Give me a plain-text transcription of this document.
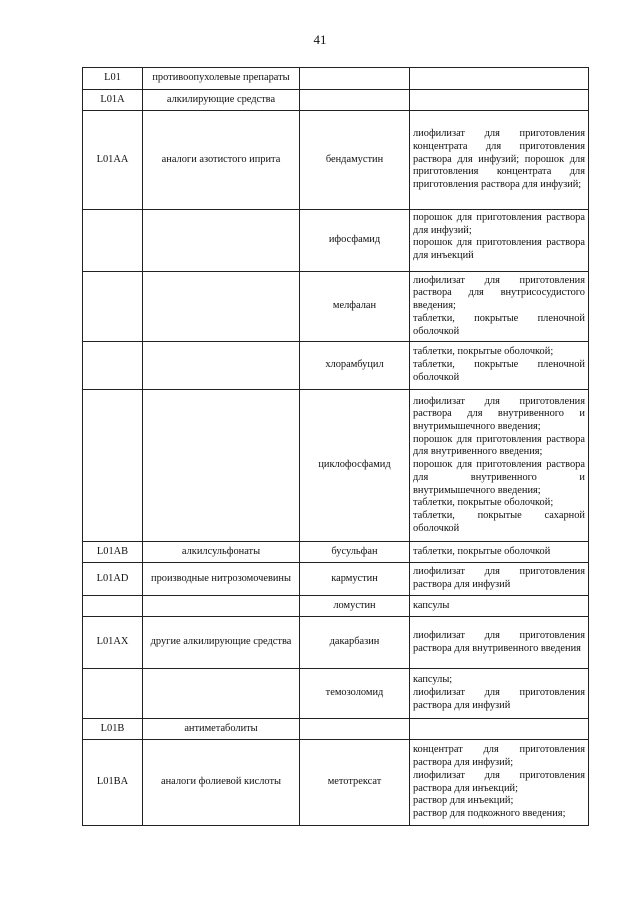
41
L01	противоопухолевые препараты		
L01A	алкилирующие средства		
L01AA	аналоги азотистого иприта	бендамустин	лиофилизат для приготовления концентрата для приготовления раствора для инфузий; порошок для приготовления концентрата для приготовления раствора для инфузий;

		ифосфамид	порошок для приготовления раствора для инфузий;
порошок для приготовления раствора для инъекций

		мелфалан	лиофилизат для приготовления раствора для внутрисосудистого введения;
таблетки, покрытые пленочной оболочкой

		хлорамбуцил	таблетки, покрытые оболочкой;
таблетки, покрытые пленочной оболочкой

		циклофосфамид	лиофилизат для приготовления раствора для внутривенного и внутримышечного введения;
порошок для приготовления раствора для внутривенного введения;
порошок для приготовления раствора для внутривенного и внутримышечного введения;
таблетки, покрытые оболочкой;
таблетки, покрытые сахарной оболочкой

L01AB	алкилсульфонаты	бусульфан	таблетки, покрытые оболочкой

L01AD	производные нитрозомочевины	кармустин	лиофилизат для приготовления раствора для инфузий

		ломустин	капсулы

L01AX	другие алкилирующие средства	дакарбазин	лиофилизат для приготовления раствора для внутривенного введения

		темозоломид	капсулы;
лиофилизат для приготовления раствора для инфузий

L01B	антиметаболиты		
L01BA	аналоги фолиевой кислоты	метотрексат	концентрат для приготовления раствора для инфузий;
лиофилизат для приготовления раствора для инъекций;
раствор для инъекций;
раствор для подкожного введения;
